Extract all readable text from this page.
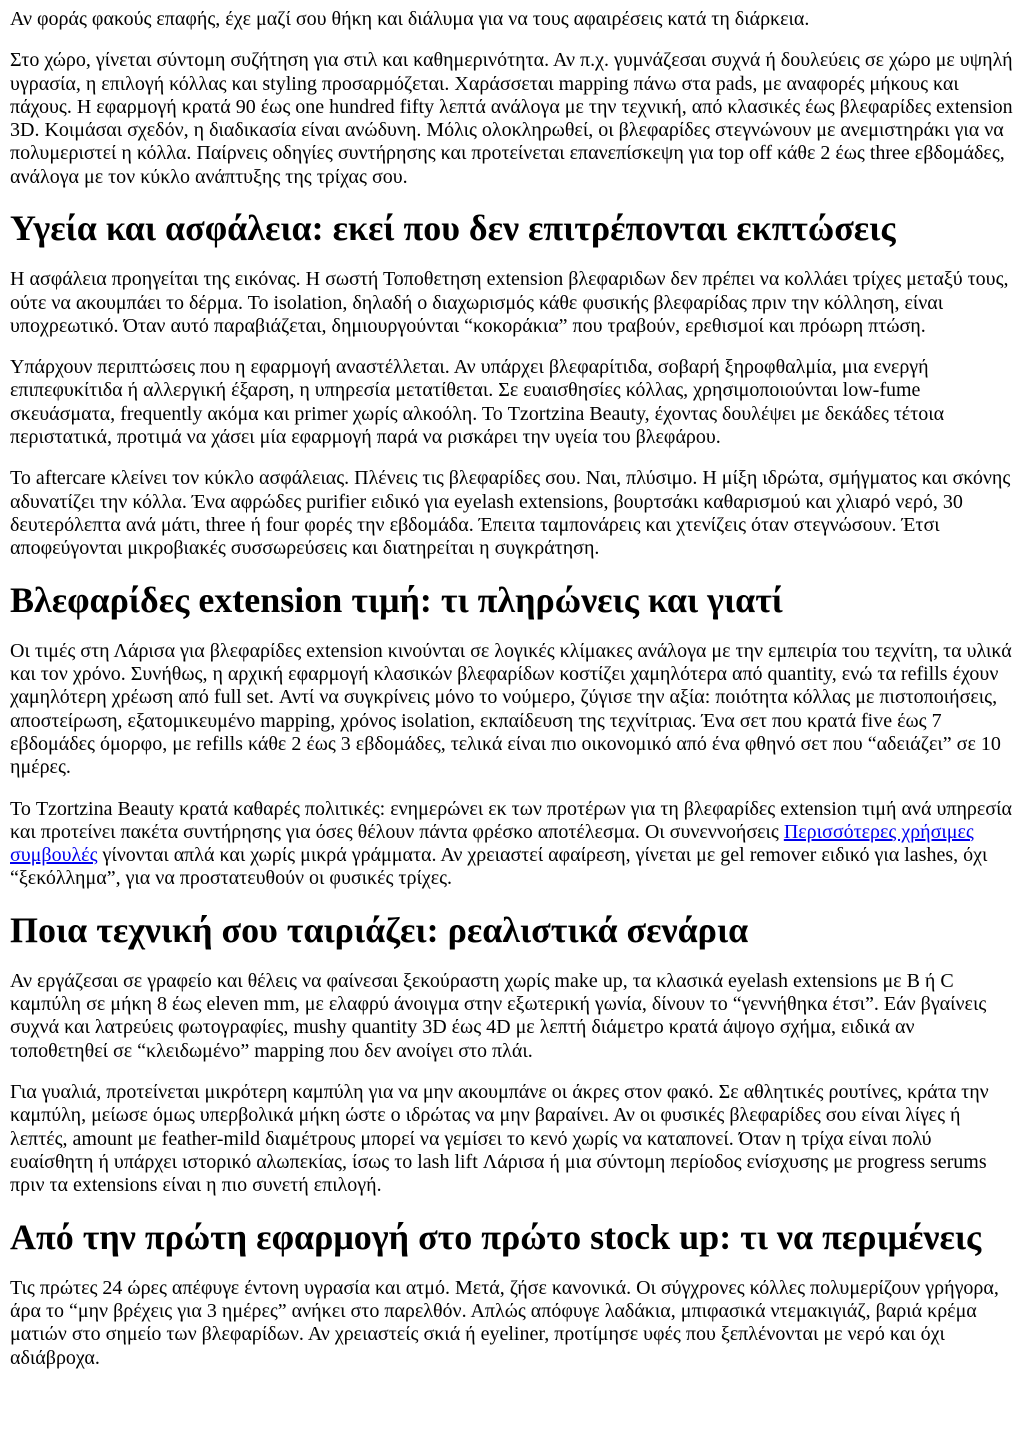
Αν φοράς φακούς επαφής, έχε μαζί σου θήκη και διάλυμα για να τους αφαιρέσεις κατά τη διάρκεια.

Στο χώρο, γίνεται σύντομη συζήτηση για στιλ και καθημερινότητα. Αν π.χ. γυμνάζεσαι συχνά ή δουλεύεις σε χώρο με υψηλή υγρασία, η επιλογή κόλλας και styling προσαρμόζεται. Χαράσσεται mapping πάνω στα pads, με αναφορές μήκους και πάχους. Η εφαρμογή κρατά 90 έως one hundred fifty λεπτά ανάλογα με την τεχνική, από κλασικές έως βλεφαρίδες extension 3D. Κοιμάσαι σχεδόν, η διαδικασία είναι ανώδυνη. Μόλις ολοκληρωθεί, οι βλεφαρίδες στεγνώνουν με ανεμιστηράκι για να πολυμεριστεί η κόλλα. Παίρνεις οδηγίες συντήρησης και προτείνεται επανεπίσκεψη για top off κάθε 2 έως three εβδομάδες, ανάλογα με τον κύκλο ανάπτυξης της τρίχας σου.

Υγεία και ασφάλεια: εκεί που δεν επιτρέπονται εκπτώσεις

Η ασφάλεια προηγείται της εικόνας. Η σωστή Τοποθετηση extension βλεφαριδων δεν πρέπει να κολλάει τρίχες μεταξύ τους, ούτε να ακουμπάει το δέρμα. Το isolation, δηλαδή ο διαχωρισμός κάθε φυσικής βλεφαρίδας πριν την κόλληση, είναι υποχρεωτικό. Όταν αυτό παραβιάζεται, δημιουργούνται “κοκοράκια” που τραβούν, ερεθισμοί και πρόωρη πτώση.

Υπάρχουν περιπτώσεις που η εφαρμογή αναστέλλεται. Αν υπάρχει βλεφαρίτιδα, σοβαρή ξηροφθαλμία, μια ενεργή επιπεφυκίτιδα ή αλλεργική έξαρση, η υπηρεσία μετατίθεται. Σε ευαισθησίες κόλλας, χρησιμοποιούνται low-fume σκευάσματα, frequently ακόμα και primer χωρίς αλκοόλη. Το Tzortzina Beauty, έχοντας δουλέψει με δεκάδες τέτοια περιστατικά, προτιμά να χάσει μία εφαρμογή παρά να ρισκάρει την υγεία του βλεφάρου.

Το aftercare κλείνει τον κύκλο ασφάλειας. Πλένεις τις βλεφαρίδες σου. Ναι, πλύσιμο. Η μίξη ιδρώτα, σμήγματος και σκόνης αδυνατίζει την κόλλα. Ένα αφρώδες purifier ειδικό για eyelash extensions, βουρτσάκι καθαρισμού και χλιαρό νερό, 30 δευτερόλεπτα ανά μάτι, three ή four φορές την εβδομάδα. Έπειτα ταμπονάρεις και χτενίζεις όταν στεγνώσουν. Έτσι αποφεύγονται μικροβιακές συσσωρεύσεις και διατηρείται η συγκράτηση.

Βλεφαρίδες extension τιμή: τι πληρώνεις και γιατί

Οι τιμές στη Λάρισα για βλεφαρίδες extension κινούνται σε λογικές κλίμακες ανάλογα με την εμπειρία του τεχνίτη, τα υλικά και τον χρόνο. Συνήθως, η αρχική εφαρμογή κλασικών βλεφαρίδων κοστίζει χαμηλότερα από quantity, ενώ τα refills έχουν χαμηλότερη χρέωση από full set. Αντί να συγκρίνεις μόνο το νούμερο, ζύγισε την αξία: ποιότητα κόλλας με πιστοποιήσεις, αποστείρωση, εξατομικευμένο mapping, χρόνος isolation, εκπαίδευση της τεχνίτριας. Ένα σετ που κρατά five έως 7 εβδομάδες όμορφο, με refills κάθε 2 έως 3 εβδομάδες, τελικά είναι πιο οικονομικό από ένα φθηνό σετ που “αδειάζει” σε 10 ημέρες.

Το Tzortzina Beauty κρατά καθαρές πολιτικές: ενημερώνει εκ των προτέρων για τη βλεφαρίδες extension τιμή ανά υπηρεσία και προτείνει πακέτα συντήρησης για όσες θέλουν πάντα φρέσκο αποτέλεσμα. Οι συνεννοήσεις Περισσότερες χρήσιμες συμβουλές γίνονται απλά και χωρίς μικρά γράμματα. Αν χρειαστεί αφαίρεση, γίνεται με gel remover ειδικό για lashes, όχι “ξεκόλλημα”, για να προστατευθούν οι φυσικές τρίχες.

Ποια τεχνική σου ταιριάζει: ρεαλιστικά σενάρια

Αν εργάζεσαι σε γραφείο και θέλεις να φαίνεσαι ξεκούραστη χωρίς make up, τα κλασικά eyelash extensions με B ή C καμπύλη σε μήκη 8 έως eleven mm, με ελαφρύ άνοιγμα στην εξωτερική γωνία, δίνουν το “γεννήθηκα έτσι”. Εάν βγαίνεις συχνά και λατρεύεις φωτογραφίες, mushy quantity 3D έως 4D με λεπτή διάμετρο κρατά άψογο σχήμα, ειδικά αν τοποθετηθεί σε “κλειδωμένο” mapping που δεν ανοίγει στο πλάι.

Για γυαλιά, προτείνεται μικρότερη καμπύλη για να μην ακουμπάνε οι άκρες στον φακό. Σε αθλητικές ρουτίνες, κράτα την καμπύλη, μείωσε όμως υπερβολικά μήκη ώστε ο ιδρώτας να μην βαραίνει. Αν οι φυσικές βλεφαρίδες σου είναι λίγες ή λεπτές, amount με feather-mild διαμέτρους μπορεί να γεμίσει το κενό χωρίς να καταπονεί. Όταν η τρίχα είναι πολύ ευαίσθητη ή υπάρχει ιστορικό αλωπεκίας, ίσως το lash lift Λάρισα ή μια σύντομη περίοδος ενίσχυσης με progress serums πριν τα extensions είναι η πιο συνετή επιλογή.

Από την πρώτη εφαρμογή στο πρώτο stock up: τι να περιμένεις

Τις πρώτες 24 ώρες απέφυγε έντονη υγρασία και ατμό. Μετά, ζήσε κανονικά. Οι σύγχρονες κόλλες πολυμερίζουν γρήγορα, άρα το “μην βρέχεις για 3 ημέρες” ανήκει στο παρελθόν. Απλώς απόφυγε λαδάκια, μπιφασικά ντεμακιγιάζ, βαριά κρέμα ματιών στο σημείο των βλεφαρίδων. Αν χρειαστείς σκιά ή eyeliner, προτίμησε υφές που ξεπλένονται με νερό και όχι αδιάβροχα.
